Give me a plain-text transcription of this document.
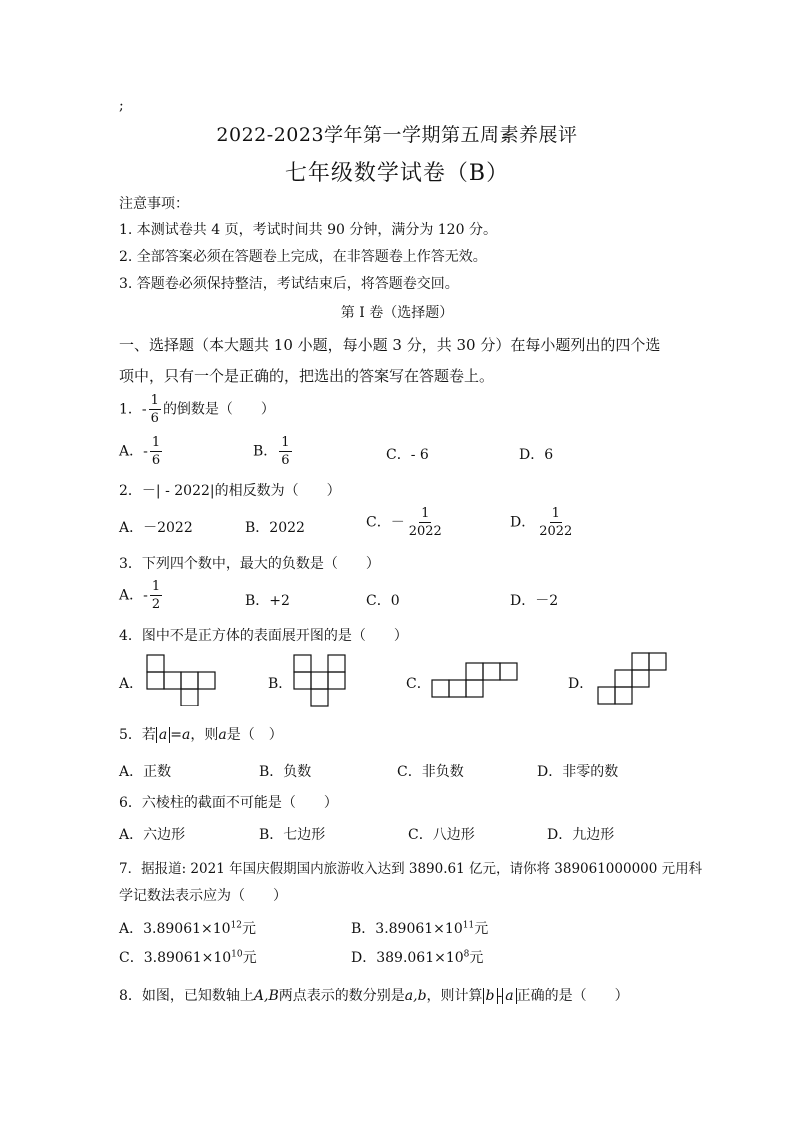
;
2022-2023学年第一学期第五周素养展评
七年级数学试卷（B）
注意事项：
1. 本测试卷共 4 页，考试时间共 90 分钟，满分为 120 分。
2. 全部答案必须在答题卷上完成，在非答题卷上作答无效。
3. 答题卷必须保持整洁，考试结束后，将答题卷交回。
第 I 卷（选择题）
一、选择题（本大题共 10 小题，每小题 3 分，共 30 分）在每小题列出的四个选
项中，只有一个是正确的，把选出的答案写在答题卷上。
1．- $\frac{1}{6}$ 的倒数是（　　）
A．- $\frac{1}{6}$	B． $\frac{1}{6}$	C．- 6	D．6
2．－| - 2022|的相反数为（　　）
A．－2022	B．2022	C．－ $\frac{1}{2022}$	D． $\frac{1}{2022}$
3．下列四个数中，最大的负数是（　　）
A．- $\frac{1}{2}$	B．+2	C．0	D．－2
4．图中不是正方体的表面展开图的是（　　）
A．	B．	C．	D．
5．若 a =a，则a是（　）
A．正数	B．负数	C．非负数	D．非零的数
6．六棱柱的截面不可能是（　　）
A．六边形	B．七边形	C．八边形	D．九边形
7．据报道: 2021 年国庆假期国内旅游收入达到 3890.61 亿元，请你将 389061000000 元用科
学记数法表示应为（　　）
A．$3.89061\times 10^{12}$元	B．$3.89061\times 10^{11}$元
C．$3.89061\times 10^{10}$元	D．$389.061\times 10^8$元
8．如图，已知数轴上A,B两点表示的数分别是a,b，则计算 b - a 正确的是（　　）
